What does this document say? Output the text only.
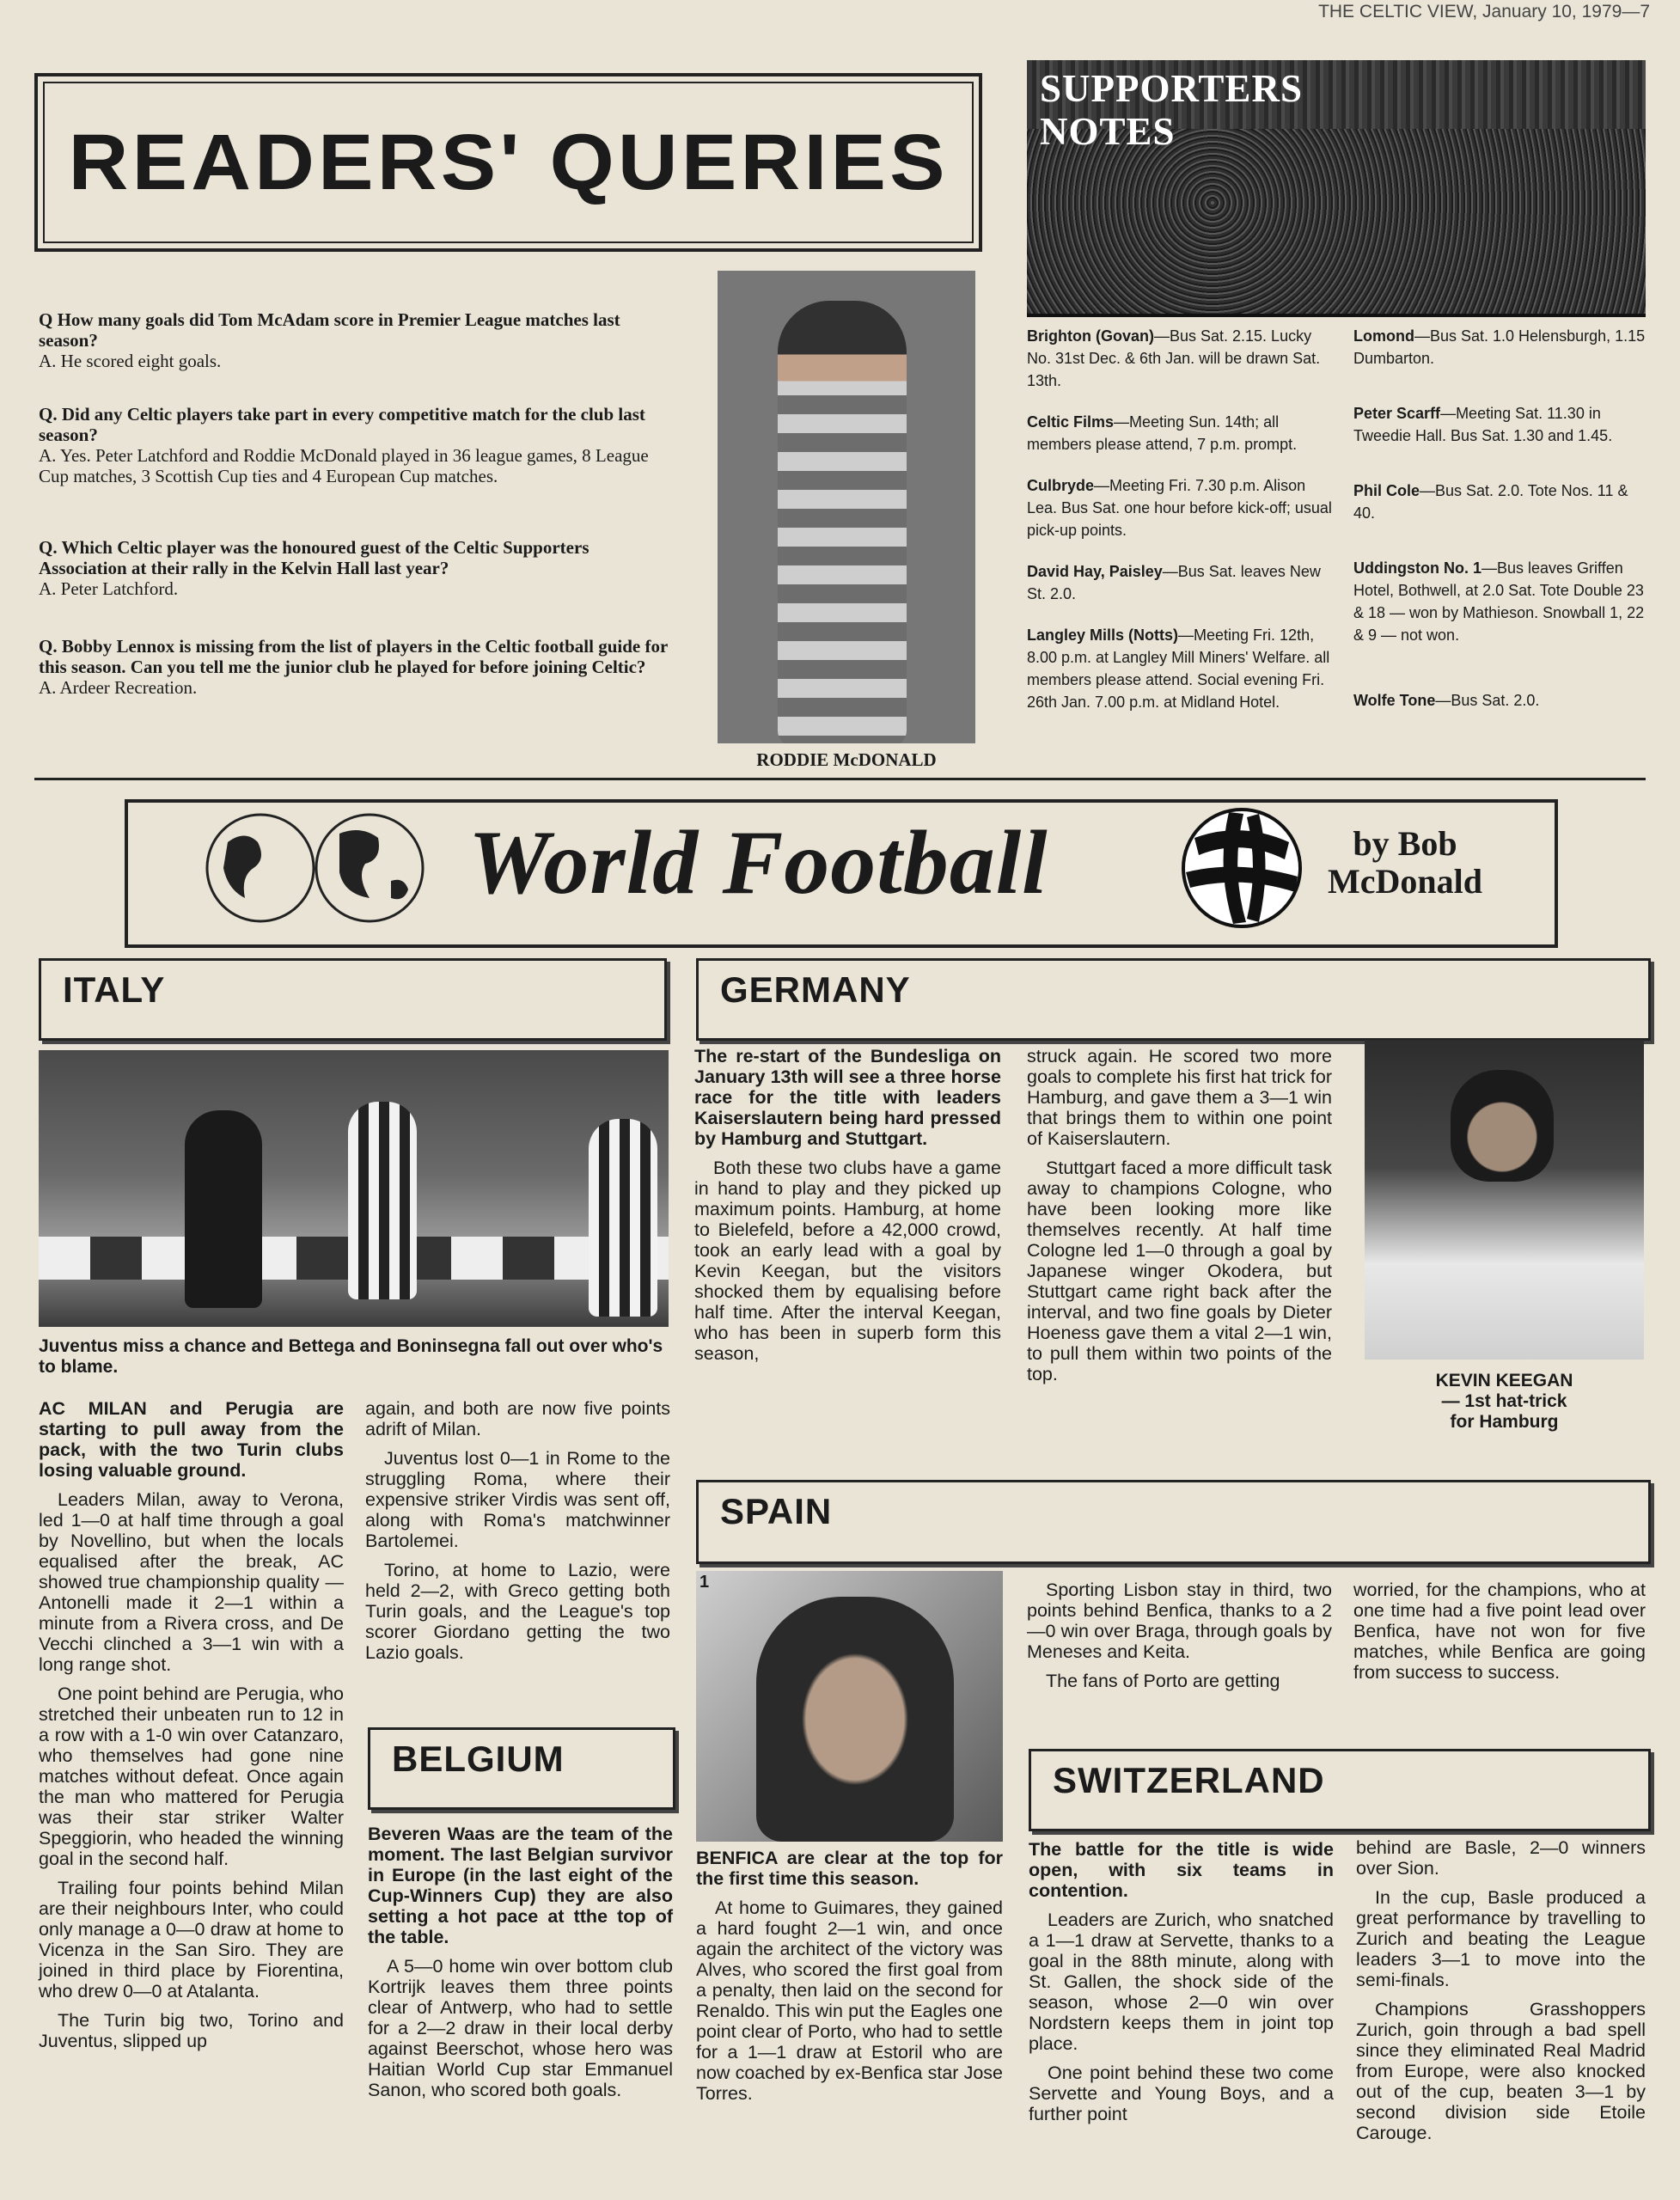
THE CELTIC VIEW, January 10, 1979—7
READERS' QUERIES
SUPPORTERS
NOTES
Q How many goals did Tom McAdam score in Premier League matches last season?
A. He scored eight goals.
Q. Did any Celtic players take part in every competitive match for the club last season?
A. Yes. Peter Latchford and Roddie McDonald played in 36 league games, 8 League Cup matches, 3 Scottish Cup ties and 4 European Cup matches.
Q. Which Celtic player was the honoured guest of the Celtic Supporters Association at their rally in the Kelvin Hall last year?
A. Peter Latchford.
Q. Bobby Lennox is missing from the list of players in the Celtic football guide for this season. Can you tell me the junior club he played for before joining Celtic?
A. Ardeer Recreation.
RODDIE McDONALD
Brighton (Govan)—Bus Sat. 2.15. Lucky No. 31st Dec. & 6th Jan. will be drawn Sat. 13th.
Celtic Films—Meeting Sun. 14th; all members please attend, 7 p.m. prompt.
Culbryde—Meeting Fri. 7.30 p.m. Alison Lea. Bus Sat. one hour before kick-off; usual pick-up points.
David Hay, Paisley—Bus Sat. leaves New St. 2.0.
Langley Mills (Notts)—Meeting Fri. 12th, 8.00 p.m. at Langley Mill Miners' Welfare. all members please attend. Social evening Fri. 26th Jan. 7.00 p.m. at Midland Hotel.
Lomond—Bus Sat. 1.0 Helensburgh, 1.15 Dumbarton.
Peter Scarff—Meeting Sat. 11.30 in Tweedie Hall. Bus Sat. 1.30 and 1.45.
Phil Cole—Bus Sat. 2.0. Tote Nos. 11 & 40.
Uddingston No. 1—Bus leaves Griffen Hotel, Bothwell, at 2.0 Sat. Tote Double 23 & 18 — won by Mathieson. Snowball 1, 22 & 9 — not won.
Wolfe Tone—Bus Sat. 2.0.
World Football	by Bob
McDonald
ITALY
Juventus miss a chance and Bettega and Boninsegna fall out over who's to blame.

AC MILAN and Perugia are starting to pull away from the pack, with the two Turin clubs losing valuable ground.

Leaders Milan, away to Verona, led 1—0 at half time through a goal by Novellino, but when the locals equalised after the break, AC showed true championship quality — Antonelli made it 2—1 within a minute from a Rivera cross, and De Vecchi clinched a 3—1 win with a long range shot.

One point behind are Perugia, who stretched their unbeaten run to 12 in a row with a 1-0 win over Catanzaro, who themselves had gone nine matches without defeat. Once again the man who mattered for Perugia was their star striker Walter Speggiorin, who headed the winning goal in the second half.

Trailing four points behind Milan are their neighbours Inter, who could only manage a 0—0 draw at home to Vicenza in the San Siro. They are joined in third place by Fiorentina, who drew 0—0 at Atalanta.

The Turin big two, Torino and Juventus, slipped up

again, and both are now five points adrift of Milan.

Juventus lost 0—1 in Rome to the struggling Roma, where their expensive striker Virdis was sent off, along with Roma's matchwinner Bartolemei.

Torino, at home to Lazio, were held 2—2, with Greco getting both Turin goals, and the League's top scorer Giordano getting the two Lazio goals.

BELGIUM

Beveren Waas are the team of the moment. The last Belgian survivor in Europe (in the last eight of the Cup-Winners Cup) they are also setting a hot pace at tthe top of the table.

A 5—0 home win over bottom club Kortrijk leaves them three points clear of Antwerp, who had to settle for a 2—2 draw in their local derby against Beerschot, whose hero was Haitian World Cup star Emmanuel Sanon, who scored both goals.

GERMANY

The re-start of the Bundesliga on January 13th will see a three horse race for the title with leaders Kaiserslautern being hard pressed by Hamburg and Stuttgart.

Both these two clubs have a game in hand to play and they picked up maximum points. Hamburg, at home to Bielefeld, before a 42,000 crowd, took an early lead with a goal by Kevin Keegan, but the visitors shocked them by equalising before half time. After the interval Keegan, who has been in superb form this season,

struck again. He scored two more goals to complete his first hat trick for Hamburg, and gave them a 3—1 win that brings them to within one point of Kaiserslautern.

Stuttgart faced a more difficult task away to champions Cologne, who have been looking more like themselves recently. At half time Cologne led 1—0 through a goal by Japanese winger Okodera, but Stuttgart came right back after the interval, and two fine goals by Dieter Hoeness gave them a vital 2—1 win, to pull them within two points of the top.	KEVIN KEEGAN
— 1st hat-trick
for Hamburg
SPAIN
1

BENFICA are clear at the top for the first time this season.

At home to Guimares, they gained a hard fought 2—1 win, and once again the architect of the victory was Alves, who scored the first goal from a penalty, then laid on the second for Renaldo. This win put the Eagles one point clear of Porto, who had to settle for a 1—1 draw at Estoril who are now coached by ex-Benfica star Jose Torres.

Sporting Lisbon stay in third, two points behind Benfica, thanks to a 2—0 win over Braga, through goals by Meneses and Keita.

The fans of Porto are getting

worried, for the champions, who at one time had a five point lead over Benfica, have not won for five matches, while Benfica are going from success to success.

SWITZERLAND

The battle for the title is wide open, with six teams in contention.

Leaders are Zurich, who snatched a 1—1 draw at Servette, thanks to a goal in the 88th minute, along with St. Gallen, the shock side of the season, whose 2—0 win over Nordstern keeps them in joint top place.

One point behind these two come Servette and Young Boys, and a further point

behind are Basle, 2—0 winners over Sion.

In the cup, Basle produced a great performance by travelling to Zurich and beating the League leaders 3—1 to move into the semi-finals.

Champions Grasshoppers Zurich, goin through a bad spell since they eliminated Real Madrid from Europe, were also knocked out of the cup, beaten 3—1 by second division side Etoile Carouge.
